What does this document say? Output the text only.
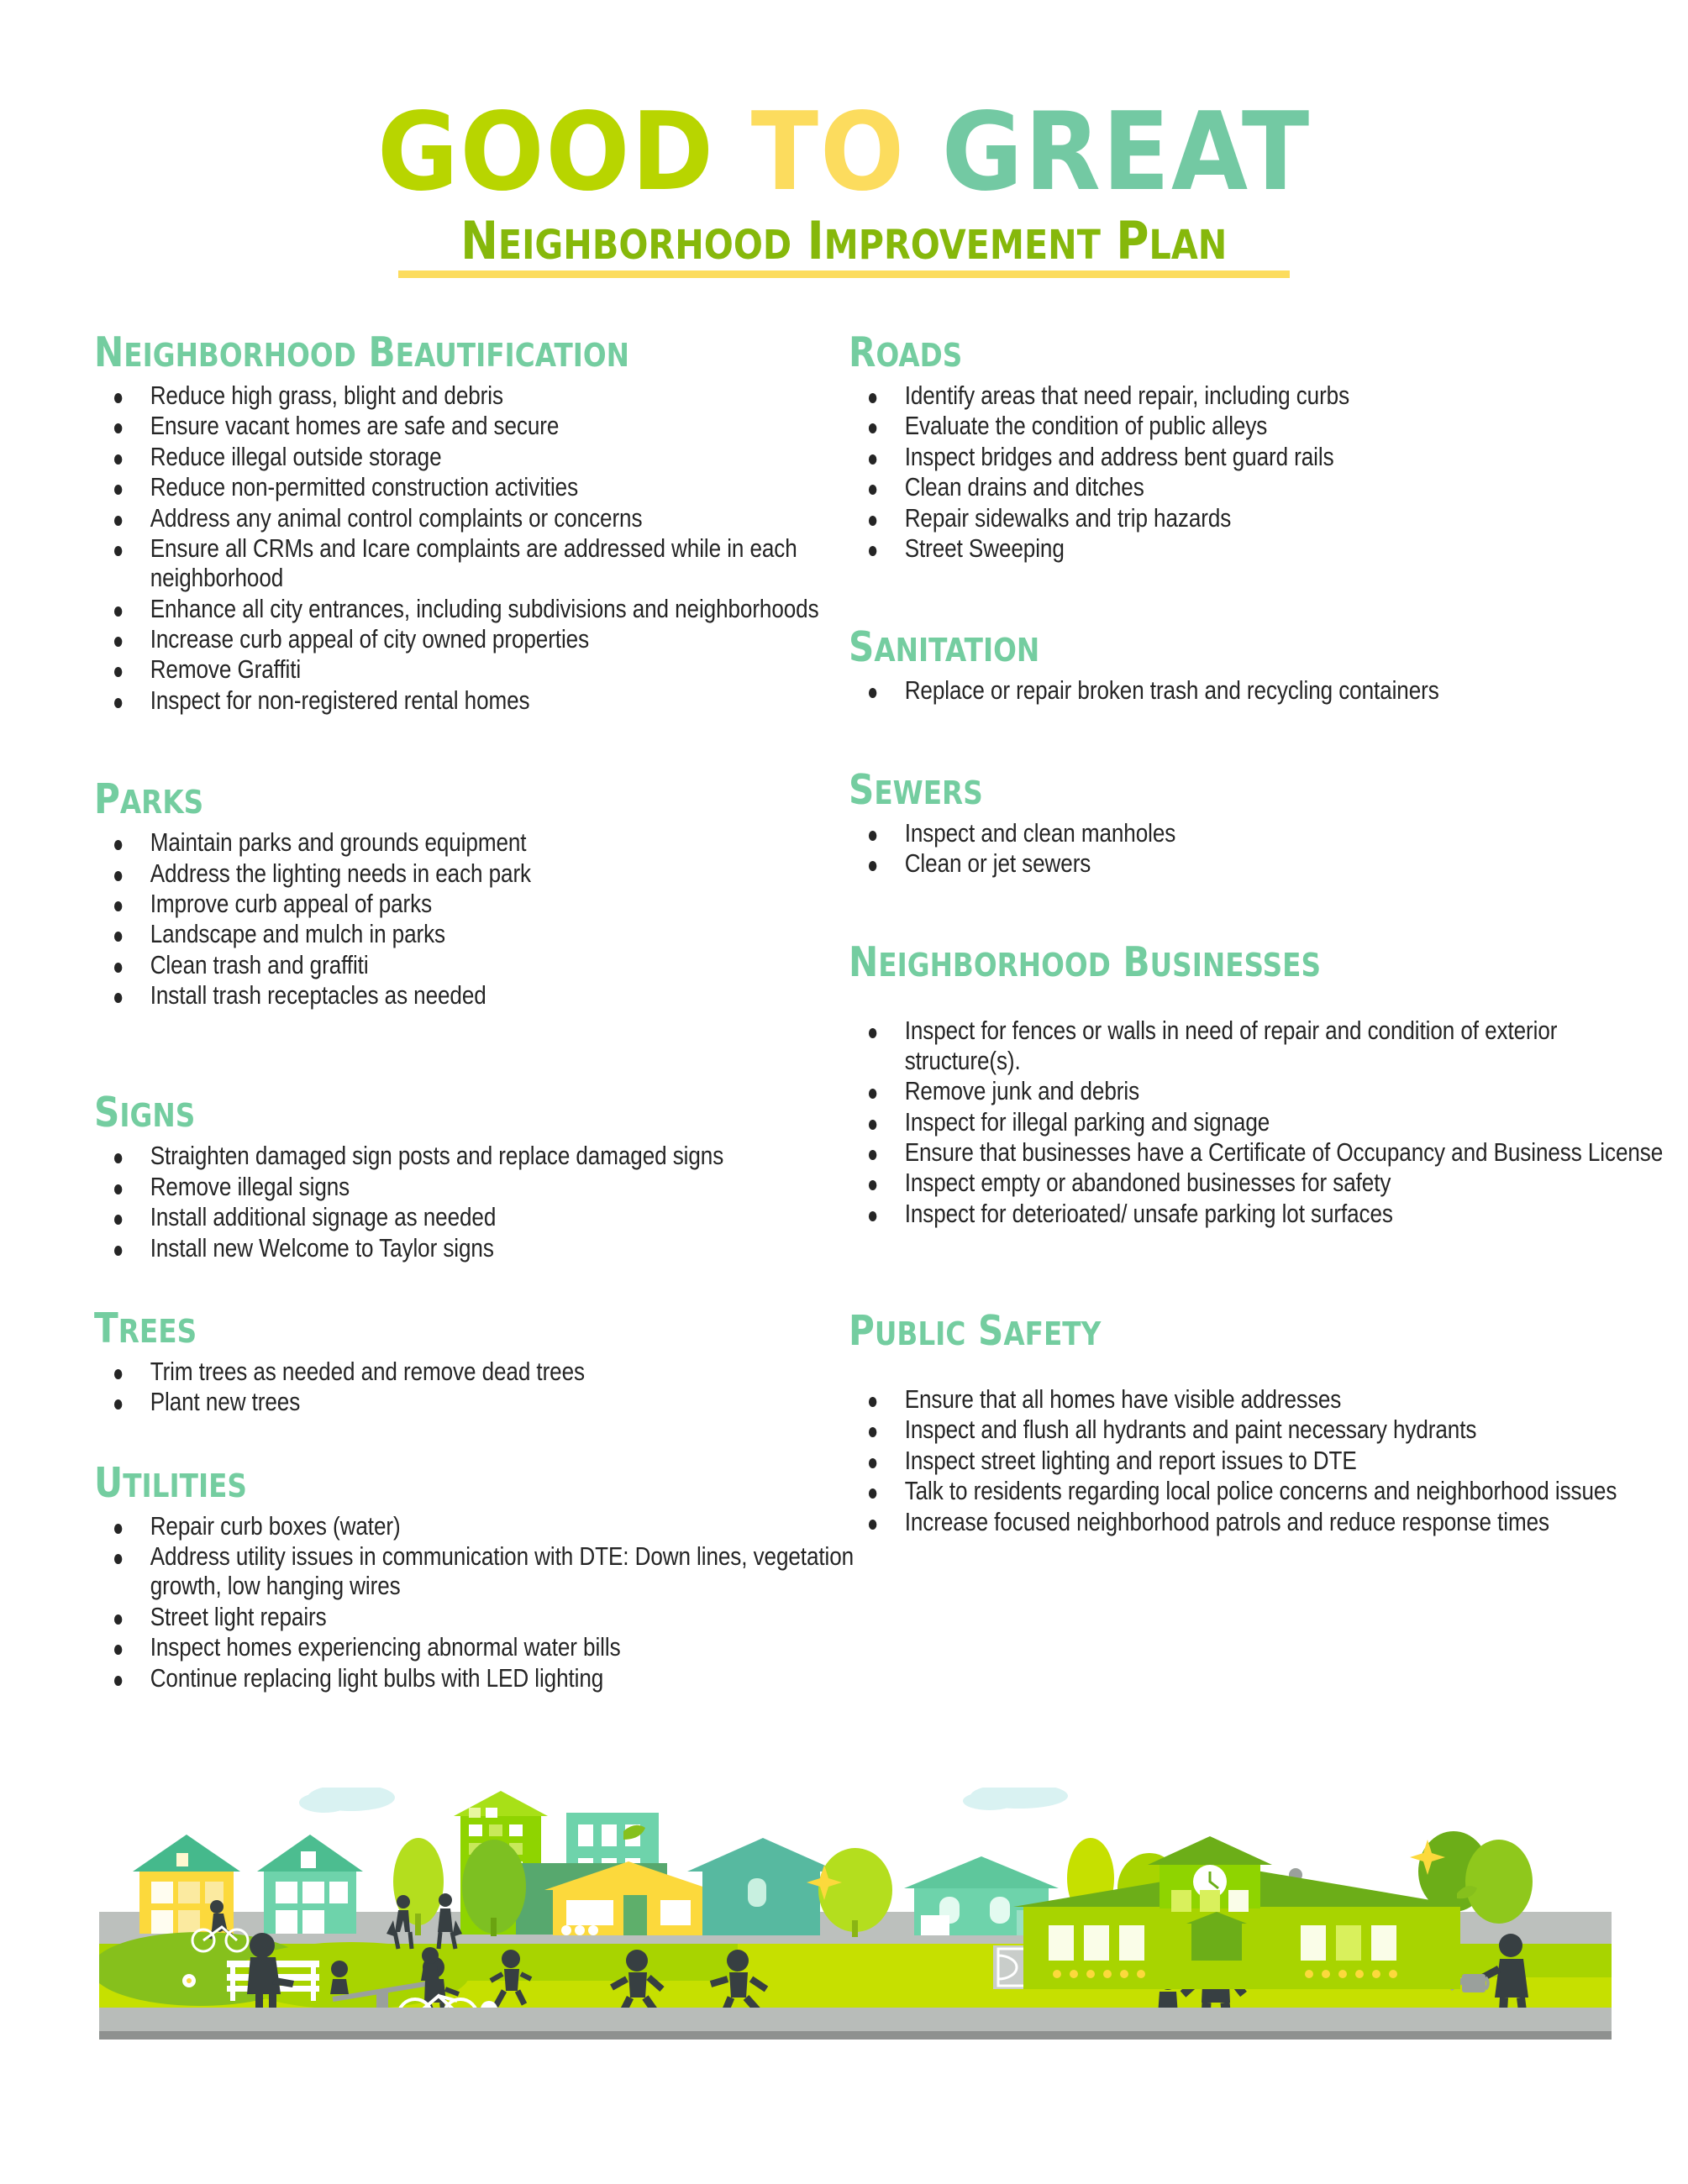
GOOD TO GREAT
NEIGHBORHOOD IMPROVEMENT PLAN
NEIGHBORHOOD BEAUTIFICATION
Reduce high grass, blight and debris
Ensure vacant homes are safe and secure
Reduce illegal outside storage
Reduce non-permitted construction activities
Address any animal control complaints or concerns
Ensure all CRMs and Icare complaints are addressed while in each neighborhood
Enhance all city entrances, including subdivisions and neighborhoods
Increase curb appeal of city owned properties
Remove Graffiti
Inspect for non-registered rental homes
PARKS
Maintain parks and grounds equipment
Address the lighting needs in each park
Improve curb appeal of parks
Landscape and mulch in parks
Clean trash and graffiti
Install trash receptacles as needed
SIGNS
Straighten damaged sign posts and replace damaged signs
Remove illegal signs
Install additional signage as needed
Install new Welcome to Taylor signs
TREES
Trim trees as needed and remove dead trees
Plant new trees
UTILITIES
Repair curb boxes (water)
Address utility issues in communication with DTE: Down lines, vegetation growth, low hanging wires
Street light repairs
Inspect homes experiencing abnormal water bills
Continue replacing light bulbs with LED lighting
ROADS
Identify areas that need repair, including curbs
Evaluate the condition of public alleys
Inspect bridges and address bent guard rails
Clean drains and ditches
Repair sidewalks and trip hazards
Street Sweeping
SANITATION
Replace or repair broken trash and recycling containers
SEWERS
Inspect and clean manholes
Clean or jet sewers
NEIGHBORHOOD BUSINESSES
Inspect for fences or walls in need of repair and condition of exterior structure(s).
Remove junk and debris
Inspect for illegal parking and signage
Ensure that businesses have a Certificate of Occupancy and Business License
Inspect empty or abandoned businesses for safety
Inspect for deterioated/ unsafe parking lot surfaces
PUBLIC SAFETY
Ensure that all homes have visible addresses
Inspect and flush all hydrants and paint necessary hydrants
Inspect street lighting and report issues to DTE
Talk to residents regarding local police concerns and neighborhood issues
Increase focused neighborhood patrols and reduce response times
